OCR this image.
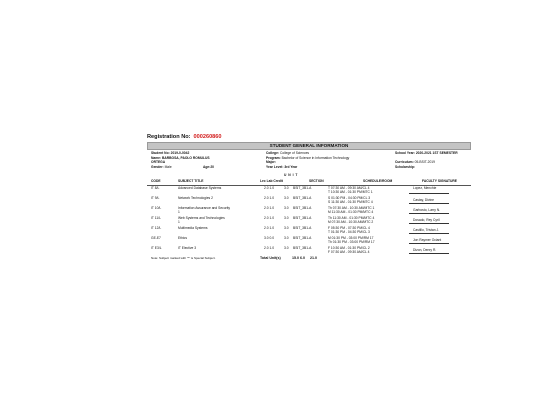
Registration No: 000260860
STUDENT GENERAL INFORMATION
Student No: 2019-0-0042
Name: BARBOSA, PAOLO ROMULUS
ORTEGA
Gender: Male	Age:20
College: College of Sciences
Program: Bachelor of Science in Information Technology
Major:
Year Level: 3rd Year
School Year: 2020-2021 1ST SEMESTER
Curriculum: 05-BSIT-2019
Scholarship:
U N I T
CODE	SUBJECT TITLE	Lec Lab Credit	SECTION	SCHEDULE/ROOM	FACULTY SIGNATURE
IT 8/L	Advanced Database Systems	2.0 1.0	3.0 BSIT_3B1-A	T 07:30 AM - 09:30 AM/CL 4
T 10:30 AM - 01:30 PM/MTC 1
Lopez, Menchie
IT 9/L	Network Technologies 2	2.0 1.0	3.0 BSIT_3B1-A	S 01:30 PM - 04:30 PM/CL 3
S 11:30 AM - 01:30 PM/MTC 4	Castay, Divine
IT 10/L	Information Assurance and Security
1
2.0 1.0	3.0 BSIT_3B1-A	Th 07:30 AM - 10:30 AM/MTC 1
M 11:30 AM - 01:30 PM/MTC 4	Garbosto, Larry N.
IT 11/L	Web Systems and Technologies
1
2.0 1.0	3.0 BSIT_3B1-A	Th 11:30 AM - 01:30 PM/MTC 4
M 07:30 AM - 10:30 AM/MTC 2	Dosado, Rey Cyril
IT 12/L	Multimedia Systems	2.0 1.0	3.0 BSIT_3B1-A	F 05:30 PM - 07:30 PM/CL 4
T 01:30 PM - 04:30 PM/CL 3	Castillo, Tristan J.
GE-E7	Ethics	3.0 0.0	3.0 BSIT_3B1-A	M 01:30 PM - 03:00 PM/RM 17
Th 01:30 PM - 03:00 PM/RM 17	Jon Raymer Ociant
IT E3/L	IT Elective 3	2.0 1.0	3.0 BSIT_3B1-A	F 10:30 AM - 01:30 PM/CL 2
F 07:30 AM - 09:30 AM/CL 4	Dizon, Denry R.
Note: Subject marked with "*" is Special Subject.	Total Unit(s)	15.0 6.0 21.0
